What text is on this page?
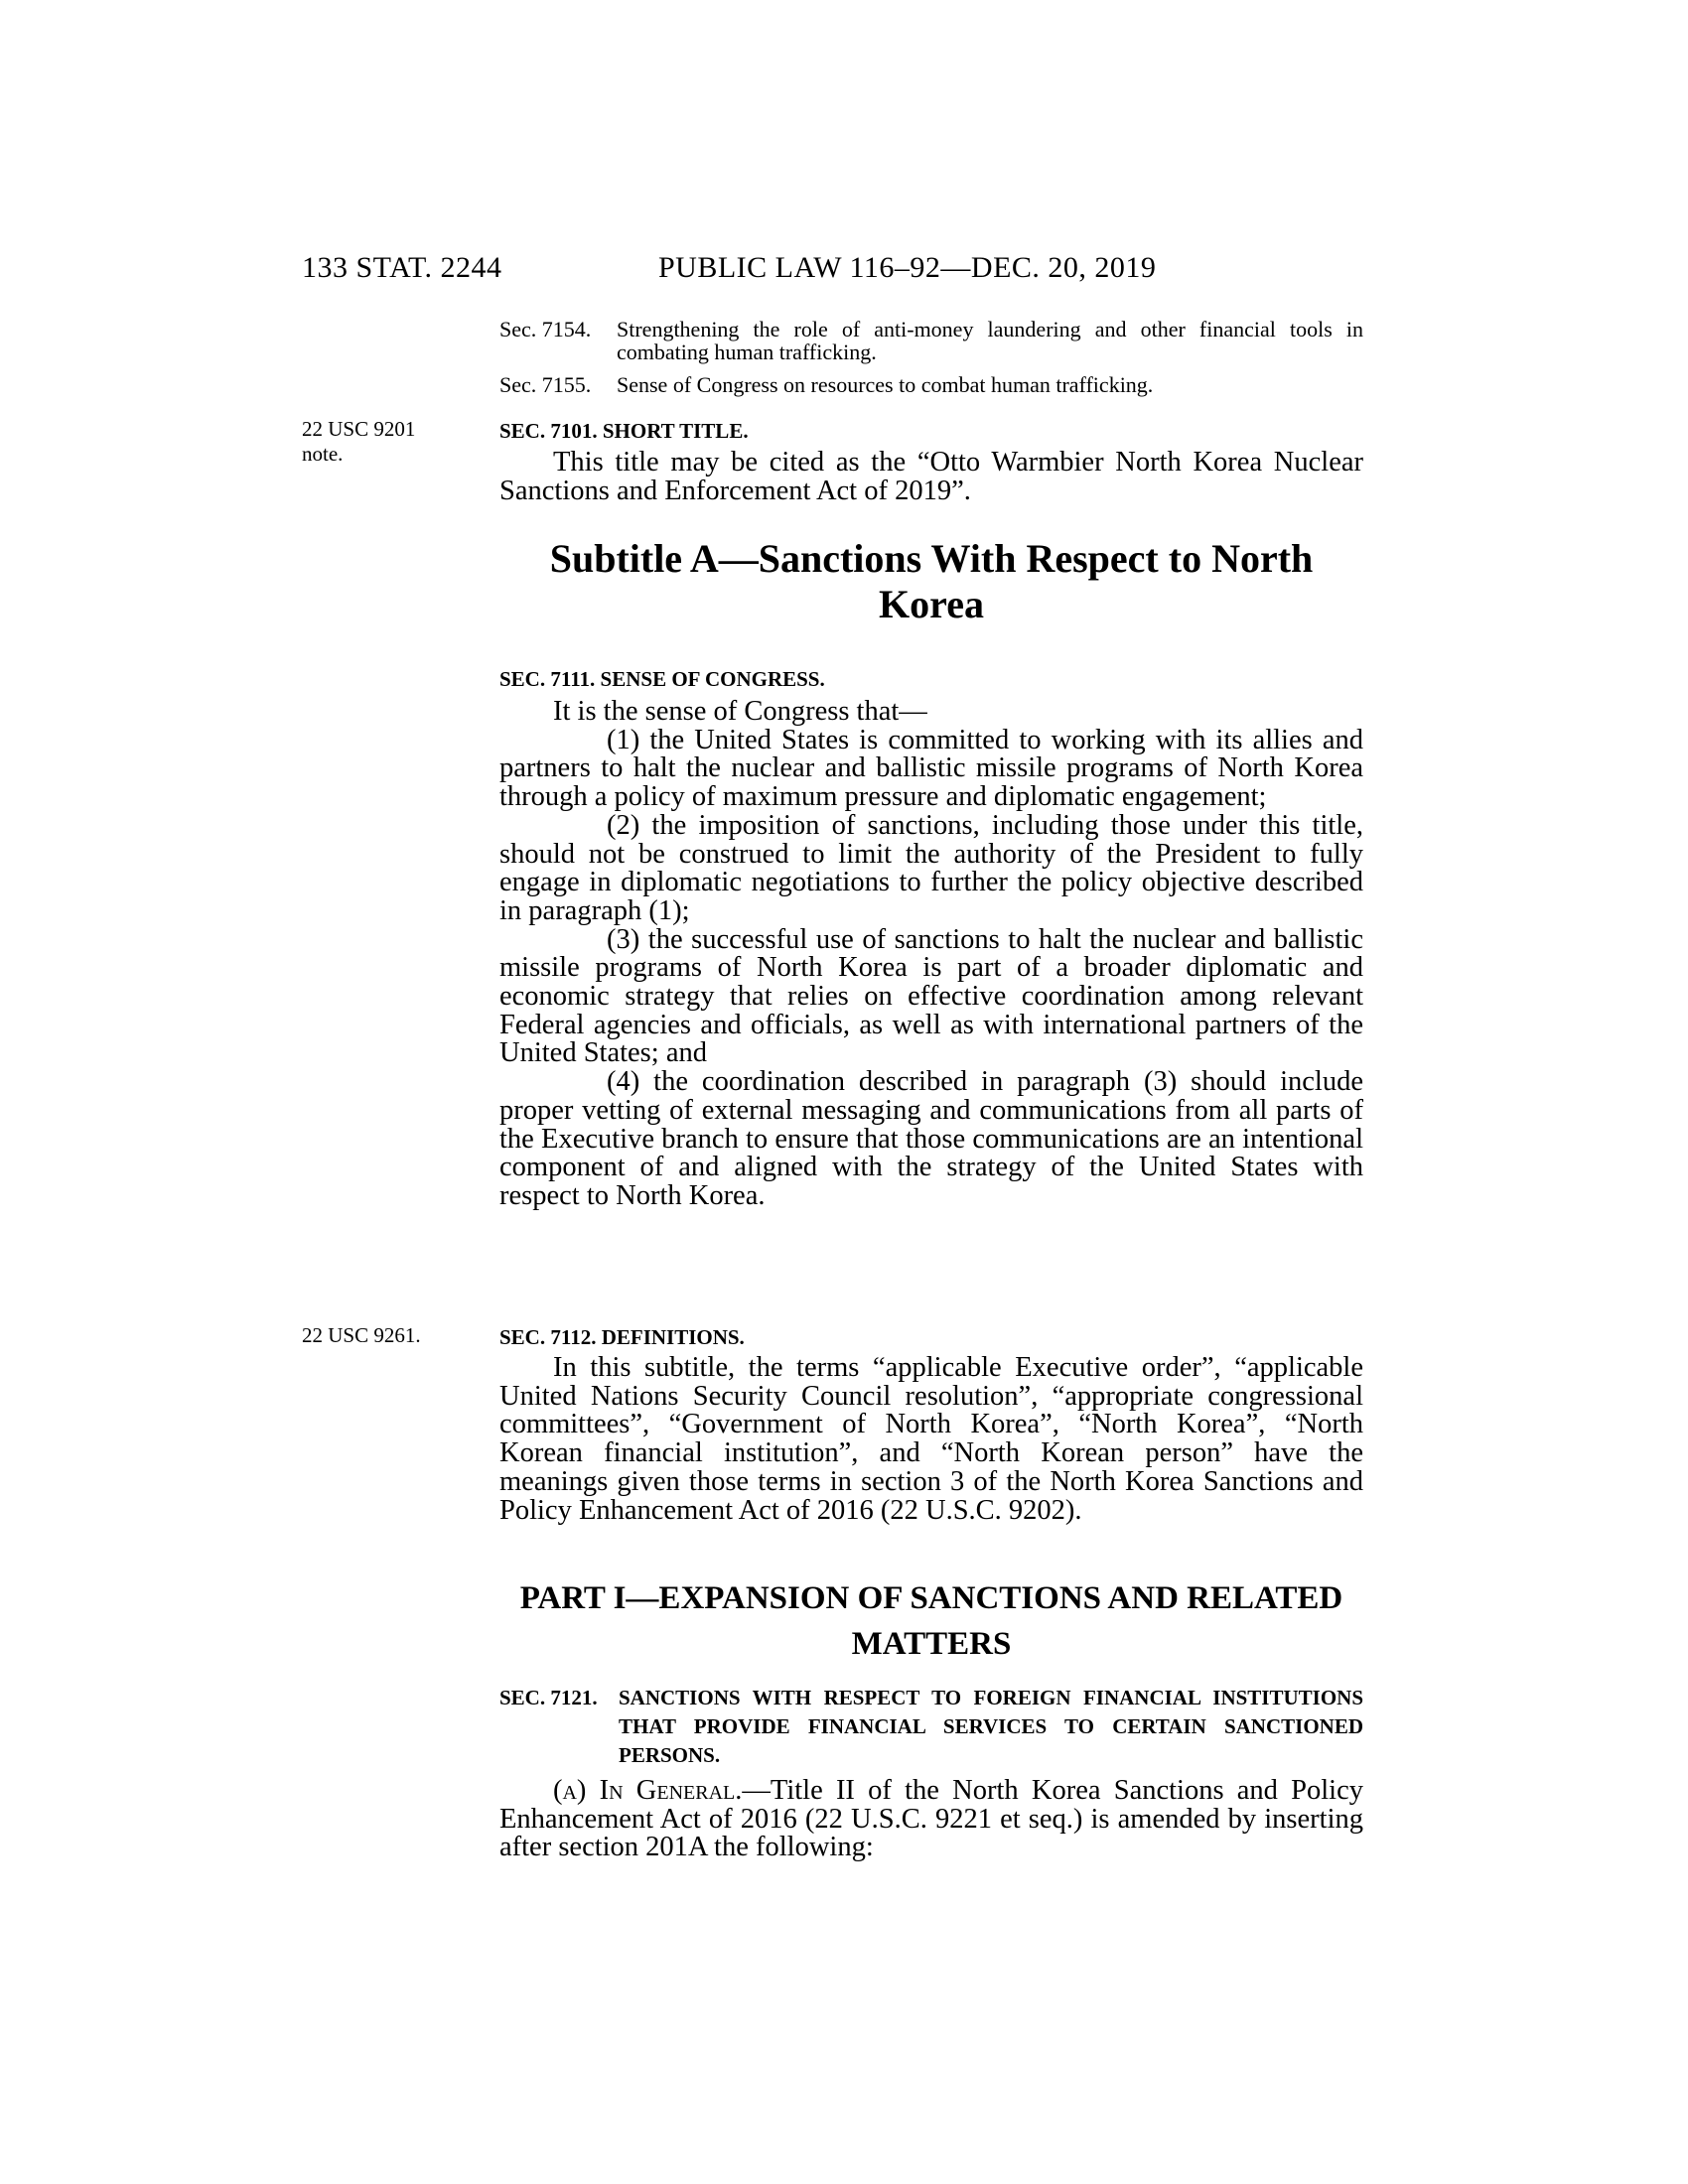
133 STAT. 2244	PUBLIC LAW 116–92—DEC. 20, 2019
Sec. 7154.	Strengthening the role of anti-money laundering and other financial tools in combating human trafficking.
Sec. 7155.	Sense of Congress on resources to combat human trafficking.
22 USC 9201 note.
22 USC 9261.
SEC. 7101. SHORT TITLE.

This title may be cited as the “Otto Warmbier North Korea Nuclear Sanctions and Enforcement Act of 2019”.

Subtitle A—Sanctions With Respect to North Korea
SEC. 7111. SENSE OF CONGRESS.

It is the sense of Congress that—

(1) the United States is committed to working with its allies and partners to halt the nuclear and ballistic missile programs of North Korea through a policy of maximum pressure and diplomatic engagement;

(2) the imposition of sanctions, including those under this title, should not be construed to limit the authority of the President to fully engage in diplomatic negotiations to further the policy objective described in paragraph (1);

(3) the successful use of sanctions to halt the nuclear and ballistic missile programs of North Korea is part of a broader diplomatic and economic strategy that relies on effective coordination among relevant Federal agencies and officials, as well as with international partners of the United States; and

(4) the coordination described in paragraph (3) should include proper vetting of external messaging and communications from all parts of the Executive branch to ensure that those communications are an intentional component of and aligned with the strategy of the United States with respect to North Korea.

SEC. 7112. DEFINITIONS.

In this subtitle, the terms “applicable Executive order”, “applicable United Nations Security Council resolution”, “appropriate congressional committees”, “Government of North Korea”, “North Korea”, “North Korean financial institution”, and “North Korean person” have the meanings given those terms in section 3 of the North Korea Sanctions and Policy Enhancement Act of 2016 (22 U.S.C. 9202).

PART I—EXPANSION OF SANCTIONS AND RELATED MATTERS
SEC. 7121.	SANCTIONS WITH RESPECT TO FOREIGN FINANCIAL INSTITUTIONS THAT PROVIDE FINANCIAL SERVICES TO CERTAIN SANCTIONED PERSONS.

(a) In General.—Title II of the North Korea Sanctions and Policy Enhancement Act of 2016 (22 U.S.C. 9221 et seq.) is amended by inserting after section 201A the following:
